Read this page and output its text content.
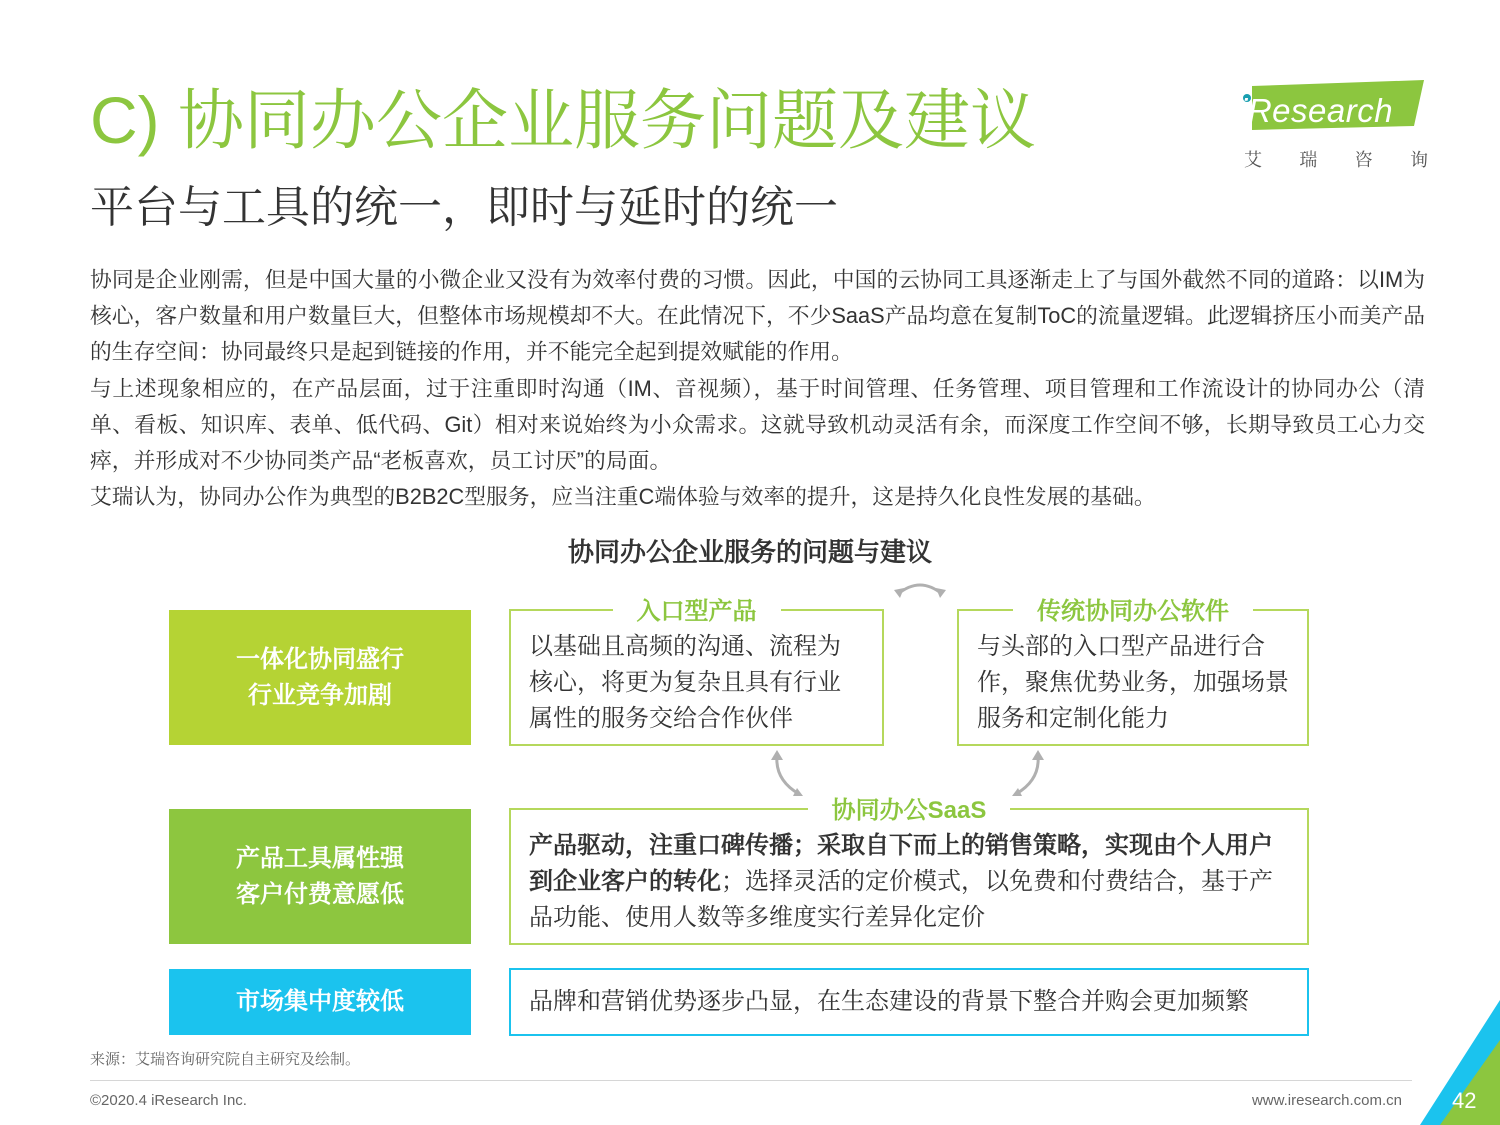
C) 协同办公企业服务问题及建议
平台与工具的统一，即时与延时的统一
iResearch
艾 瑞 咨 询

协同是企业刚需，但是中国大量的小微企业又没有为效率付费的习惯。因此，中国的云协同工具逐渐走上了与国外截然不同的道路：以IM为核心，客户数量和用户数量巨大，但整体市场规模却不大。在此情况下，不少SaaS产品均意在复制ToC的流量逻辑。此逻辑挤压小而美产品的生存空间：协同最终只是起到链接的作用，并不能完全起到提效赋能的作用。

与上述现象相应的，在产品层面，过于注重即时沟通（IM、音视频），基于时间管理、任务管理、项目管理和工作流设计的协同办公（清单、看板、知识库、表单、低代码、Git）相对来说始终为小众需求。这就导致机动灵活有余，而深度工作空间不够，长期导致员工心力交瘁，并形成对不少协同类产品“老板喜欢，员工讨厌”的局面。

艾瑞认为，协同办公作为典型的B2B2C型服务，应当注重C端体验与效率的提升，这是持久化良性发展的基础。

协同办公企业服务的问题与建议
一体化协同盛行
行业竞争加剧
产品工具属性强
客户付费意愿低
市场集中度较低
入口型产品
以基础且高频的沟通、流程为核心，将更为复杂且具有行业属性的服务交给合作伙伴
传统协同办公软件
与头部的入口型产品进行合作，聚焦优势业务，加强场景服务和定制化能力
协同办公SaaS
产品驱动，注重口碑传播；采取自下而上的销售策略，实现由个人用户到企业客户的转化；选择灵活的定价模式，以免费和付费结合，基于产品功能、使用人数等多维度实行差异化定价
品牌和营销优势逐步凸显，在生态建设的背景下整合并购会更加频繁
来源：艾瑞咨询研究院自主研究及绘制。
©2020.4 iResearch Inc.	www.iresearch.com.cn 42
